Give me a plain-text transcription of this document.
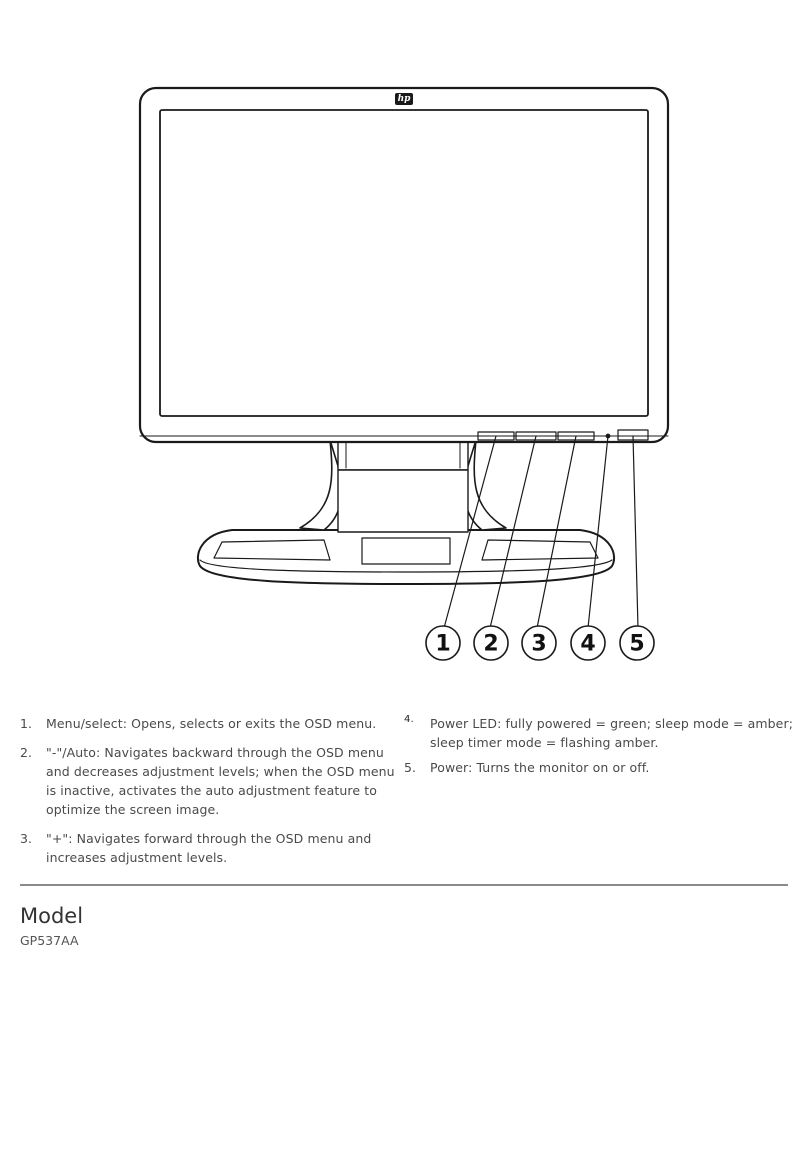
hp
1 2 3 4 5
1. Menu/select: Opens, selects or exits the OSD menu.
2. "-"/Auto: Navigates backward through the OSD menu and decreases adjustment levels; when the OSD menu is inactive, activates the auto adjustment feature to optimize the screen image.
3. "+": Navigates forward through the OSD menu and increases adjustment levels.
4. Power LED: fully powered = green; sleep mode = amber; sleep timer mode = flashing amber.
5. Power: Turns the monitor on or off.
Model
GP537AA
